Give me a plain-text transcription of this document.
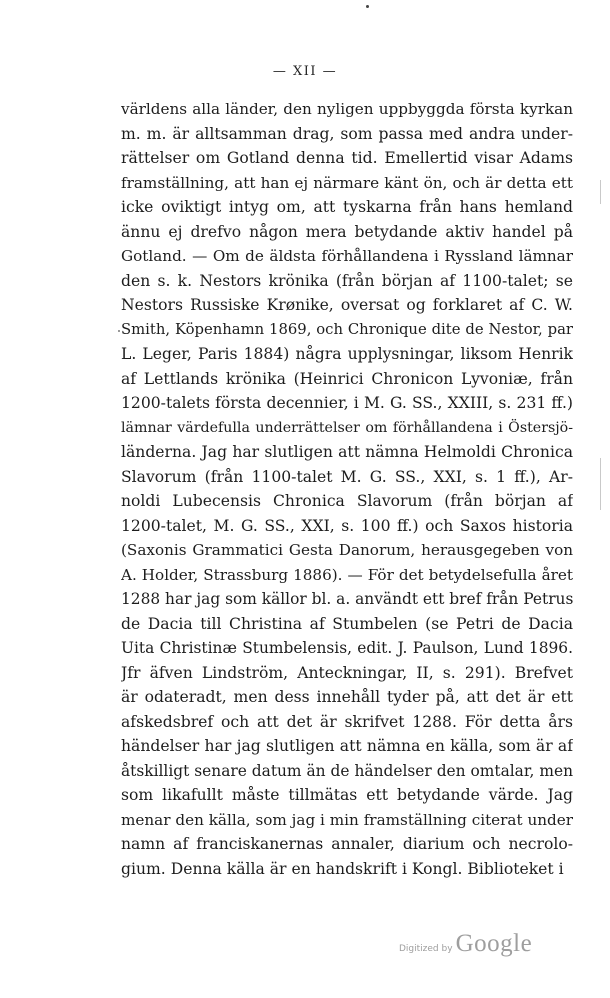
— XII —
världens alla länder, den nyligen uppbyggda första kyrkan
m. m. är alltsamman drag, som passa med andra under-
rättelser om Gotland denna tid. Emellertid visar Adams
framställning, att han ej närmare känt ön, och är detta ett
icke oviktigt intyg om, att tyskarna från hans hemland
ännu ej drefvo någon mera betydande aktiv handel på
Gotland. — Om de äldsta förhållandena i Ryssland lämnar
den s. k. Nestors krönika (från början af 1100-talet; se
Nestors Russiske Krønike, oversat og forklaret af C. W.
Smith, Köpenhamn 1869, och Chronique dite de Nestor, par
L. Leger, Paris 1884) några upplysningar, liksom Henrik
af Lettlands krönika (Heinrici Chronicon Lyvoniæ, från
1200-talets första decennier, i M. G. SS., XXIII, s. 231 ff.)
lämnar värdefulla underrättelser om förhållandena i Östersjö-
länderna. Jag har slutligen att nämna Helmoldi Chronica
Slavorum (från 1100-talet M. G. SS., XXI, s. 1 ff.), Ar-
noldi Lubecensis Chronica Slavorum (från början af
1200-talet, M. G. SS., XXI, s. 100 ff.) och Saxos historia
(Saxonis Grammatici Gesta Danorum, herausgegeben von
A. Holder, Strassburg 1886). — För det betydelsefulla året
1288 har jag som källor bl. a. användt ett bref från Petrus
de Dacia till Christina af Stumbelen (se Petri de Dacia
Uita Christinæ Stumbelensis, edit. J. Paulson, Lund 1896.
Jfr äfven Lindström, Anteckningar, II, s. 291). Brefvet
är odateradt, men dess innehåll tyder på, att det är ett
afskedsbref och att det är skrifvet 1288. För detta års
händelser har jag slutligen att nämna en källa, som är af
åtskilligt senare datum än de händelser den omtalar, men
som likafullt måste tillmätas ett betydande värde. Jag
menar den källa, som jag i min framställning citerat under
namn af franciskanernas annaler, diarium och necrolo-
gium. Denna källa är en handskrift i Kongl. Biblioteket i
Digitized by Google
